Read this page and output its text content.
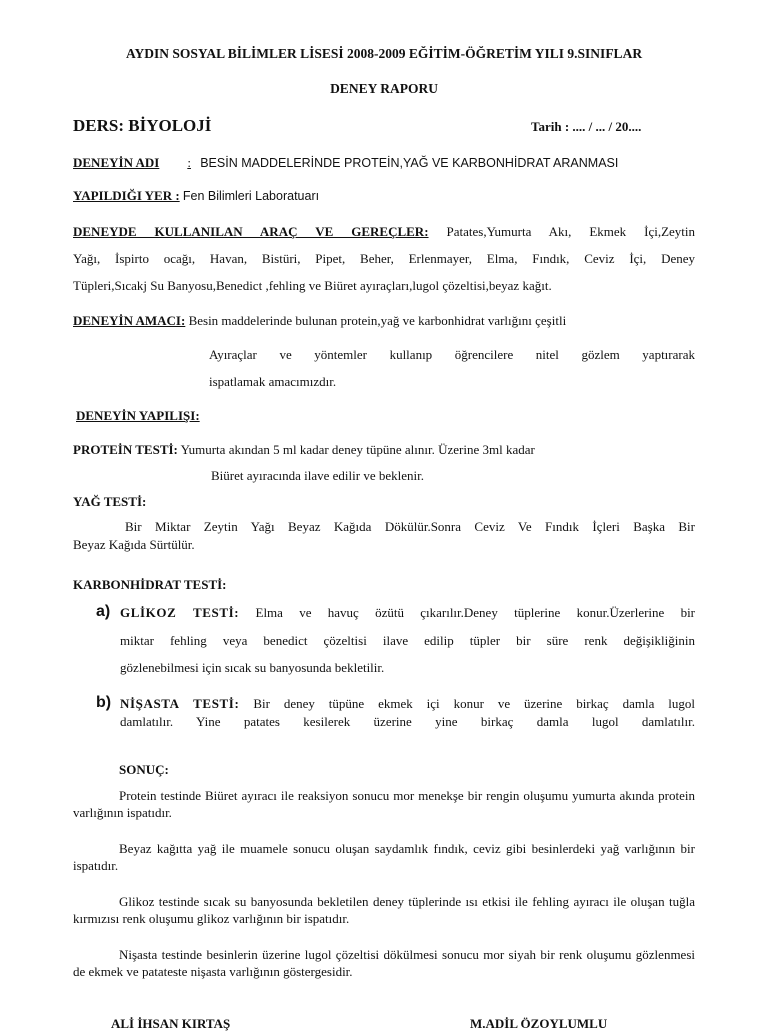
AYDIN SOSYAL BİLİMLER LİSESİ 2008-2009 EĞİTİM-ÖĞRETİM YILI 9.SINIFLAR
DENEY RAPORU
DERS: BİYOLOJİ	Tarih : .... / ... / 20....
DENEYİN ADI : BESİN MADDELERİNDE PROTEİN,YAĞ VE KARBONHİDRAT ARANMASI
YAPILDIĞI YER : Fen Bilimleri Laboratuarı
DENEYDE KULLANILAN ARAÇ VE GEREÇLER: Patates,Yumurta Akı, Ekmek İçi,Zeytin
Yağı, İspirto ocağı, Havan, Bistüri, Pipet, Beher, Erlenmayer, Elma, Fındık, Ceviz İçi, Deney
Tüpleri,Sıcakj Su Banyosu,Benedict ,fehling ve Biüret ayıraçları,lugol çözeltisi,beyaz kağıt.
DENEYİN AMACI: Besin maddelerinde bulunan protein,yağ ve karbonhidrat varlığını çeşitli
Ayıraçlar ve yöntemler kullanıp öğrencilere nitel gözlem yaptırarak
ispatlamak amacımızdır.
DENEYİN YAPILIŞI:
PROTEİN TESTİ: Yumurta akından 5 ml kadar deney tüpüne alınır. Üzerine 3ml kadar
Biüret ayıracında ilave edilir ve beklenir.
YAĞ TESTİ:
Bir Miktar Zeytin Yağı Beyaz Kağıda Dökülür.Sonra Ceviz Ve Fındık İçleri Başka Bir
Beyaz Kağıda Sürtülür.
KARBONHİDRAT TESTİ:
a) GLİKOZ TESTİ: Elma ve havuç özütü çıkarılır.Deney tüplerine konur.Üzerlerine bir
miktar fehling veya benedict çözeltisi ilave edilip tüpler bir süre renk değişikliğinin
gözlenebilmesi için sıcak su banyosunda bekletilir.
b) NİŞASTA TESTİ: Bir deney tüpüne ekmek içi konur ve üzerine birkaç damla lugol
damlatılır. Yine patates kesilerek üzerine yine birkaç damla lugol damlatılır.
SONUÇ:
Protein testinde Biüret ayıracı ile reaksiyon sonucu mor menekşe bir rengin oluşumu yumurta akında protein varlığının ispatıdır.
Beyaz kağıtta yağ ile muamele sonucu oluşan saydamlık fındık, ceviz gibi besinlerdeki yağ varlığının bir ispatıdır.
Glikoz testinde sıcak su banyosunda bekletilen deney tüplerinde ısı etkisi ile fehling ayıracı ile oluşan tuğla kırmızısı renk oluşumu glikoz varlığının bir ispatıdır.
Nişasta testinde besinlerin üzerine lugol çözeltisi dökülmesi sonucu mor siyah bir renk oluşumu gözlenmesi de ekmek ve patateste nişasta varlığının göstergesidir.
ALİ İHSAN KIRTAŞ	M.ADİL ÖZOYLUMLU
